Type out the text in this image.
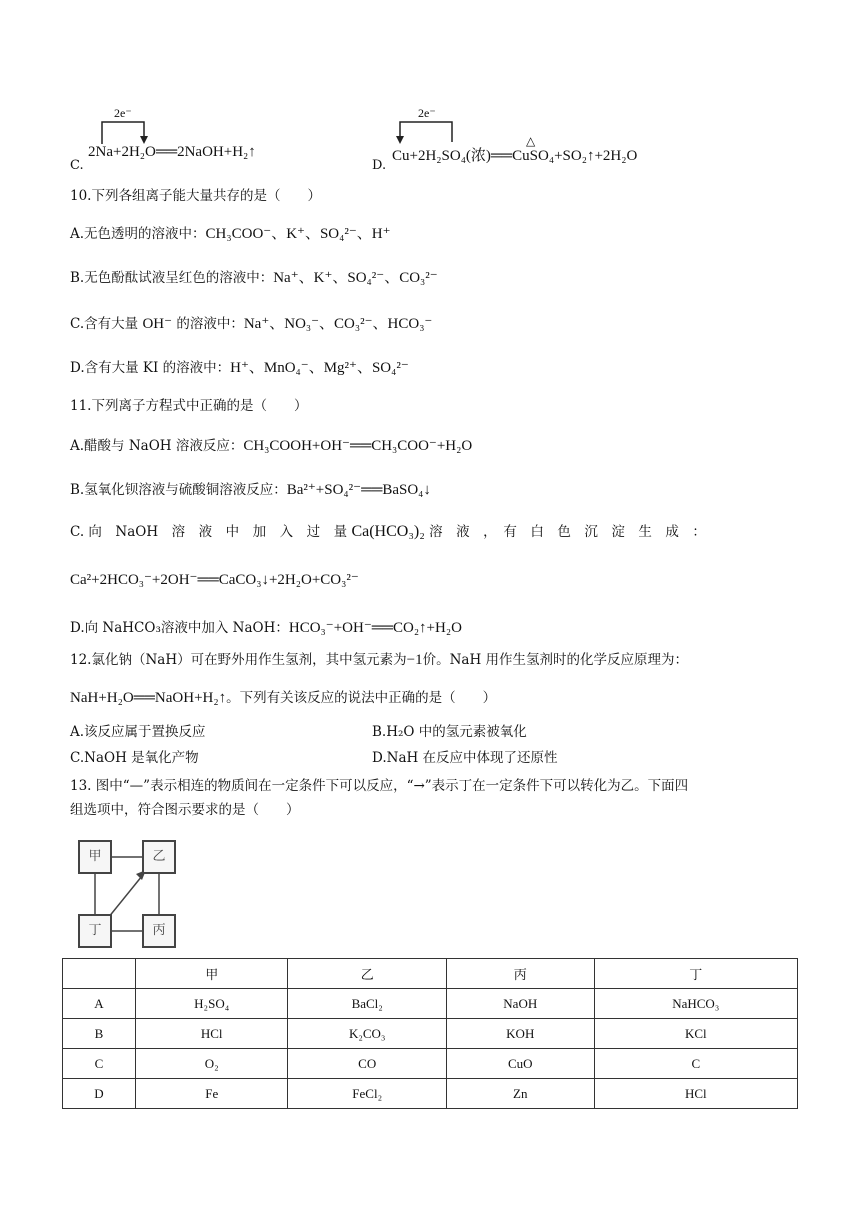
C.
2e⁻
2Na+2H₂O══2NaOH+H₂↑
D.
2e⁻
△
Cu+2H₂SO₄(浓)══CuSO₄+SO₂↑+2H₂O
10.下列各组离子能大量共存的是（　　）
A.无色透明的溶液中：CH₃COO⁻、K⁺、SO₄²⁻、H⁺
B.无色酚酞试液呈红色的溶液中：Na⁺、K⁺、SO₄²⁻、CO₃²⁻
C.含有大量 OH⁻ 的溶液中：Na⁺、NO₃⁻、CO₃²⁻、HCO₃⁻
D.含有大量 KI 的溶液中：H⁺、MnO₄⁻、Mg²⁺、SO₄²⁻
11.下列离子方程式中正确的是（　　）
A.醋酸与 NaOH 溶液反应：CH₃COOH+OH⁻══CH₃COO⁻+H₂O
B.氢氧化钡溶液与硫酸铜溶液反应：Ba²⁺+SO₄²⁻══BaSO₄↓
C. 向　NaOH　溶　液　中　加　入　过　量 Ca(HCO₃)₂ 溶　液　，　有　白　色　沉　淀　生　成　：
Ca²+2HCO₃⁻+2OH⁻══CaCO₃↓+2H₂O+CO₃²⁻
D.向 NaHCO₃溶液中加入 NaOH：HCO₃⁻+OH⁻══CO₂↑+H₂O
12.氯化钠（NaH）可在野外用作生氢剂，其中氢元素为−1价。NaH 用作生氢剂时的化学反应原理为：
NaH+H₂O══NaOH+H₂↑。下列有关该反应的说法中正确的是（　　）
A.该反应属于置换反应	B.H₂O 中的氢元素被氧化
C.NaOH 是氧化产物	D.NaH 在反应中体现了还原性
13. 图中“—”表示相连的物质间在一定条件下可以反应，“→”表示丁在一定条件下可以转化为乙。下面四
组选项中，符合图示要求的是（　　）
甲	乙
丁	丙
	甲	乙	丙	丁
A	H₂SO₄	BaCl₂	NaOH	NaHCO₃
B	HCl	K₂CO₃	KOH	KCl
C	O₂	CO	CuO	C
D	Fe	FeCl₂	Zn	HCl
